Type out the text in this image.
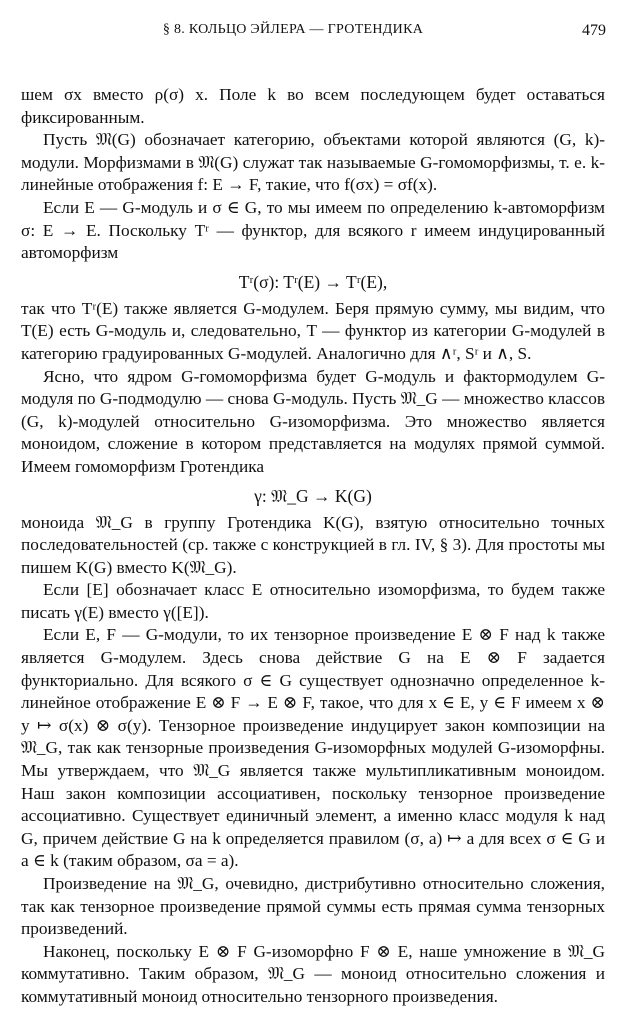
§ 8. КОЛЬЦО ЭЙЛЕРА — ГРОТЕНДИКА	479

шем σx вместо ρ(σ) x. Поле k во всем последующем будет оставаться фиксированным.

Пусть 𝔐(G) обозначает категорию, объектами которой являются (G, k)-модули. Морфизмами в 𝔐(G) служат так называемые G-гомоморфизмы, т. е. k-линейные отображения f: E → F, такие, что f(σx) = σf(x).

Если E — G-модуль и σ ∈ G, то мы имеем по определению k-автоморфизм σ: E → E. Поскольку Tʳ — функтор, для всякого r имеем индуцированный автоморфизм

Tʳ(σ): Tʳ(E) → Tʳ(E),

так что Tʳ(E) также является G-модулем. Беря прямую сумму, мы видим, что T(E) есть G-модуль и, следовательно, T — функтор из категории G-модулей в категорию градуированных G-модулей. Аналогично для ∧ʳ, Sʳ и ∧, S.

Ясно, что ядром G-гомоморфизма будет G-модуль и фактормодулем G-модуля по G-подмодулю — снова G-модуль. Пусть 𝔐_G — множество классов (G, k)-модулей относительно G-изоморфизма. Это множество является моноидом, сложение в котором представляется на модулях прямой суммой. Имеем гомоморфизм Гротендика

γ: 𝔐_G → K(G)

моноида 𝔐_G в группу Гротендика K(G), взятую относительно точных последовательностей (ср. также с конструкцией в гл. IV, § 3). Для простоты мы пишем K(G) вместо K(𝔐_G).

Если [E] обозначает класс E относительно изоморфизма, то будем также писать γ(E) вместо γ([E]).

Если E, F — G-модули, то их тензорное произведение E ⊗ F над k также является G-модулем. Здесь снова действие G на E ⊗ F задается функториально. Для всякого σ ∈ G существует однозначно определенное k-линейное отображение E ⊗ F → E ⊗ F, такое, что для x ∈ E, y ∈ F имеем x ⊗ y ↦ σ(x) ⊗ σ(y). Тензорное произведение индуцирует закон композиции на 𝔐_G, так как тензорные произведения G-изоморфных модулей G-изоморфны. Мы утверждаем, что 𝔐_G является также мультипликативным моноидом. Наш закон композиции ассоциативен, поскольку тензорное произведение ассоциативно. Существует единичный элемент, а именно класс модуля k над G, причем действие G на k определяется правилом (σ, a) ↦ a для всех σ ∈ G и a ∈ k (таким образом, σa = a).

Произведение на 𝔐_G, очевидно, дистрибутивно относительно сложения, так как тензорное произведение прямой суммы есть прямая сумма тензорных произведений.

Наконец, поскольку E ⊗ F G-изоморфно F ⊗ E, наше умножение в 𝔐_G коммутативно. Таким образом, 𝔐_G — моноид относительно сложения и коммутативный моноид относительно тензорного произведения.
